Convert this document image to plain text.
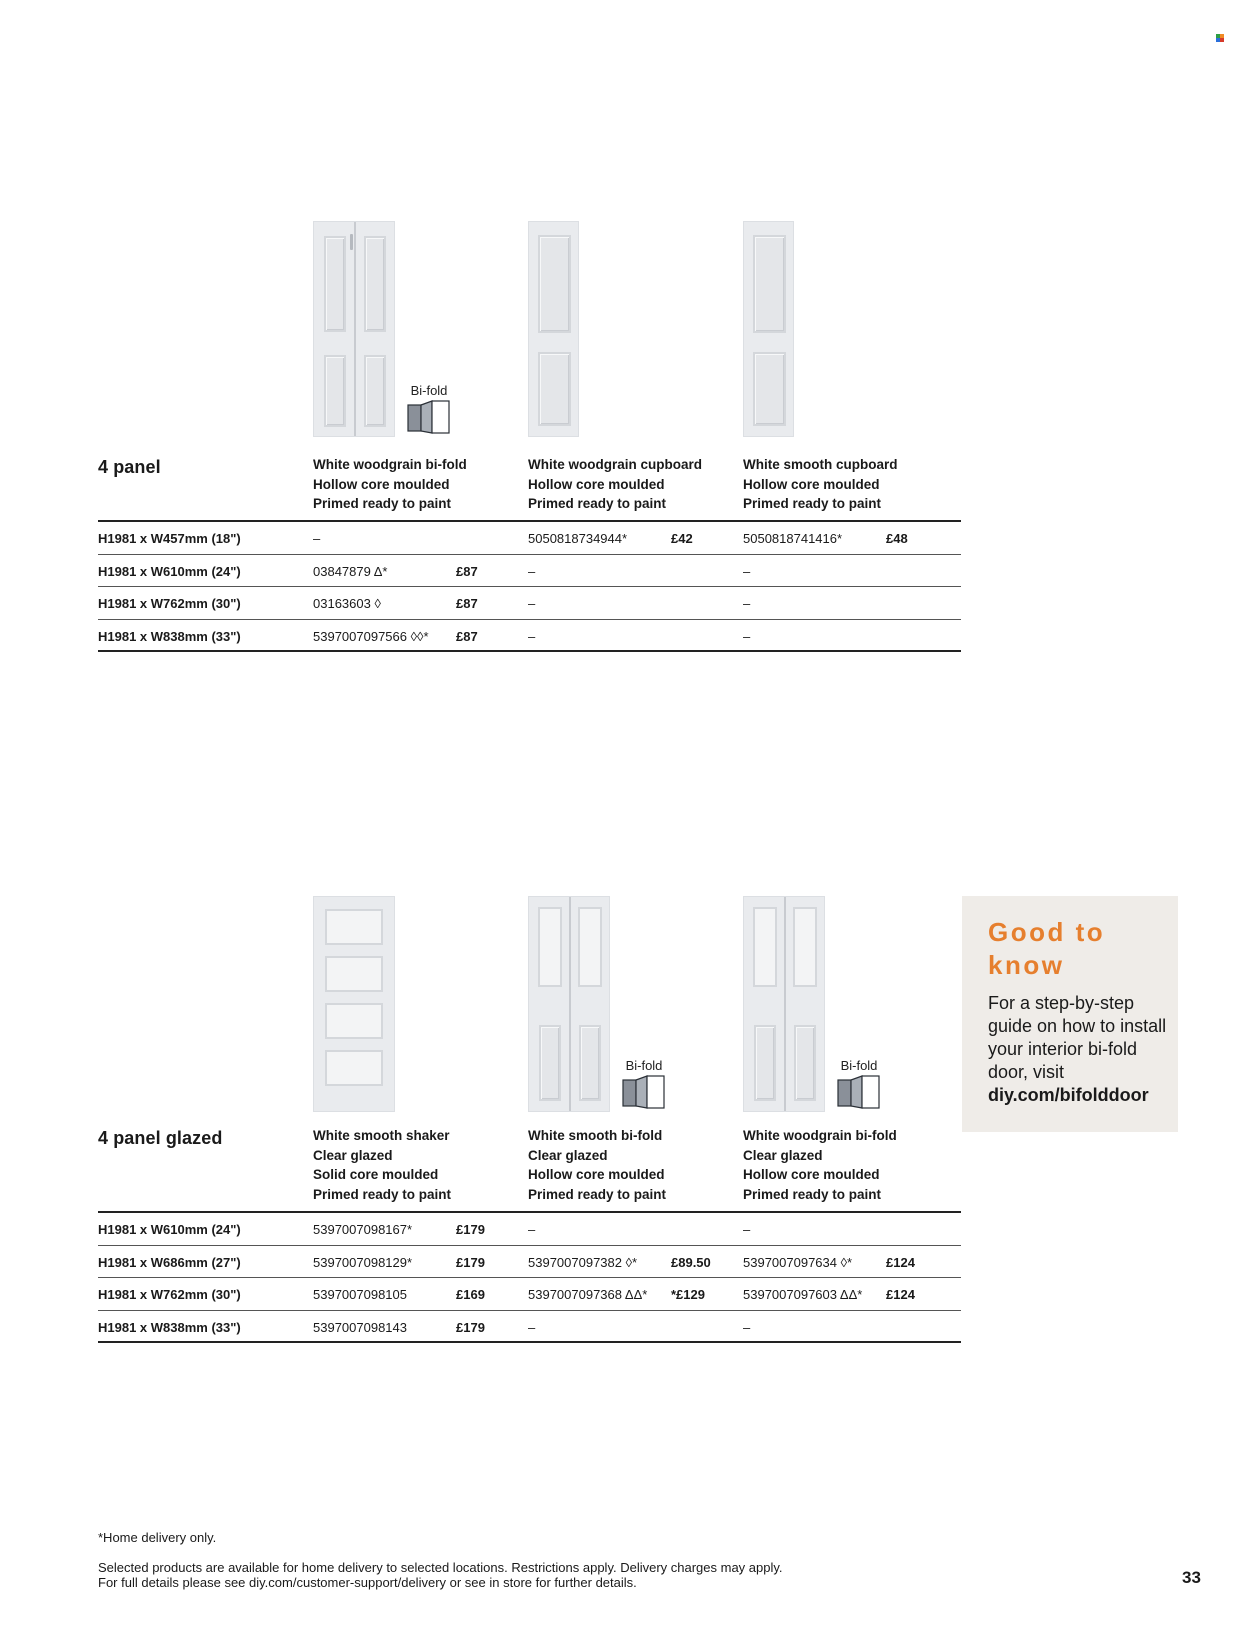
Bi-fold
4 panel	White woodgrain bi-fold
Hollow core moulded
Primed ready to paint
White woodgrain cupboard
Hollow core moulded
Primed ready to paint
White smooth cupboard
Hollow core moulded
Primed ready to paint
H1981 x W457mm (18")	–	5050818734944*	£42	5050818741416*	£48
H1981 x W610mm (24")	03847879 Δ*	£87	–	–
H1981 x W762mm (30")	03163603 ◊	£87	–	–
H1981 x W838mm (33")	5397007097566 ◊◊* £87	–	–
Bi-fold	Bi-fold
4 panel glazed	White smooth shaker
Clear glazed
Solid core moulded
Primed ready to paint
White smooth bi-fold
Clear glazed
Hollow core moulded
Primed ready to paint
White woodgrain bi-fold
Clear glazed
Hollow core moulded
Primed ready to paint
H1981 x W610mm (24")	5397007098167*	£179	–	–
H1981 x W686mm (27")	5397007098129*	£179	5397007097382 ◊*	£89.50 5397007097634 ◊*	£124
H1981 x W762mm (30")	5397007098105	£169	5397007097368 ΔΔ* *£129	5397007097603 ΔΔ* £124
H1981 x W838mm (33")	5397007098143	£179	–	–
Good to
know
For a step-by-step guide on how to install your interior bi-fold door, visit
diy.com/bifolddoor
*Home delivery only.
Selected products are available for home delivery to selected locations. Restrictions apply. Delivery charges may apply.
For full details please see diy.com/customer-support/delivery or see in store for further details.	33
